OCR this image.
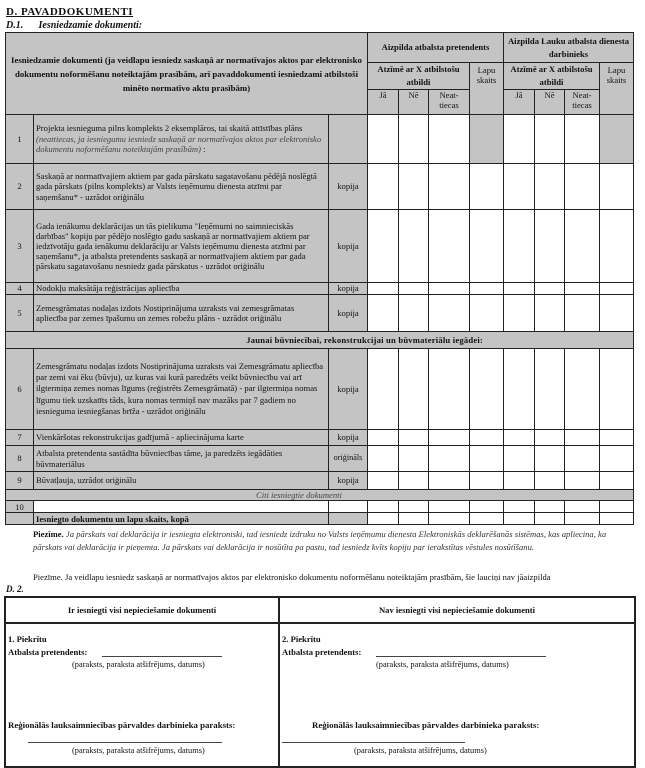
D. PAVADDOKUMENTI
D.1. Iesniedzamie dokumenti:
Iesniedzamie dokumenti (ja veidlapu iesniedz saskaņā ar normatīvajos aktos par elektronisko dokumentu noformēšanu noteiktajām prasībām, arī pavaddokumenti iesniedzami atbilstoši minēto normatīvo aktu prasībām)			Aizpilda atbalsta pretendents				Aizpilda Lauku atbalsta dienesta darbinieks			
			Atzīmē ar X atbilstošu atbildi			Lapu skaits	Atzīmē ar X atbilstošu atbildi			Lapu skaits
			Jā	Nē	Neat-tiecas		Jā	Nē	Neat-tiecas	
1	Projekta iesnieguma pilns komplekts 2 eksemplāros, tai skaitā attīstības plāns (neattiecas, ja iesniegumu iesniedz saskaņā ar normatīvajos aktos par elektronisko dokumentu noformēšanu noteiktajām prasībām) :									
2	Saskaņā ar normatīvajiem aktiem par gada pārskatu sagatavošanu pēdējā noslēgtā gada pārskats (pilns komplekts) ar Valsts ieņēmumu dienesta atzīmi par saņemšanu* - uzrādot oriģinālu	kopija								
3	Gada ienākumu deklarācijas un tās pielikuma "Ieņēmumi no saimnieciskās darbības" kopiju par pēdējo noslēgto gadu saskaņā ar normatīvajiem aktiem par iedzīvotāju gada ienākumu deklarāciju ar Valsts ieņēmumu dienesta atzīmi par saņemšanu*, ja atbalsta pretendents saskaņā ar normatīvajiem aktiem par gada pārskatu sagatavošanu nesniedz gada pārskatus - uzrādot oriģinālu	kopija								
4	Nodokļu maksātāja reģistrācijas apliecība	kopija								
5	Zemesgrāmatas nodaļas izdots Nostiprinājuma uzraksts vai zemesgrāmatas apliecība par zemes īpašumu un zemes robežu plāns - uzrādot oriģinālu	kopija								
Jaunai būvniecībai, rekonstrukcijai un būvmateriālu iegādei:										
6	Zemesgrāmatu nodaļas izdots Nostiprinājuma uzraksts vai Zemesgrāmatu apliecība par zemi vai ēku (būvju), uz kuras vai kurā paredzēts veikt būvniecību vai arī ilgtermiņa zemes nomas līgums (reģistrēts Zemesgrāmatā) - par ilgtermiņa nomas līgumu tiek uzskatīts tāds, kura nomas termiņš nav mazāks par 7 gadiem no iesnieguma iesniegšanas brīža - uzrādot oriģinālu	kopija								
7	Vienkāršotas rekonstrukcijas gadījumā - apliecinājuma karte	kopija								
8	Atbalsta pretendenta sastādīta būvniecības tāme, ja paredzēts iegādāties būvmateriālus	oriģināls								
9	Būvatļauja, uzrādot oriģinālu	kopija								
Citi iesniegtie dokumenti										
10										
	Iesniegto dokumentu un lapu skaits, kopā									
Piezīme. Ja pārskats vai deklarācija ir iesniegta elektroniski, tad iesniedz izdruku no Valsts ieņēmumu dienesta Elektroniskās deklarēšanās sistēmas, kas apliecina, ka pārskats vai deklarācija ir pieņemta. Ja pārskats vai deklarācija ir nosūtīta pa pastu, tad iesniedz kvīts kopiju par ierakstītas vēstules nosūtīšanu.
Piezīme. Ja veidlapu iesniedz saskaņā ar normatīvajos aktos par elektronisko dokumentu noformēšanu noteiktajām prasībām, šie lauciņi nav jāaizpilda
D. 2.
Ir iesniegti visi nepieciešamie dokumenti	Nav iesniegti visi nepieciešamie dokumenti

1. Piekrītu
Atbalsta pretendents:
(paraksts, paraksta atšifrējums, datums)
Reģionālās lauksaimniecības pārvaldes darbinieka paraksts:
(paraksts, paraksta atšifrējums, datums)

2. Piekrītu
Atbalsta pretendents:
(paraksts, paraksta atšifrējums, datums)
Reģionālās lauksaimniecības pārvaldes darbinieka paraksts:
(paraksts, paraksta atšifrējums, datums)
